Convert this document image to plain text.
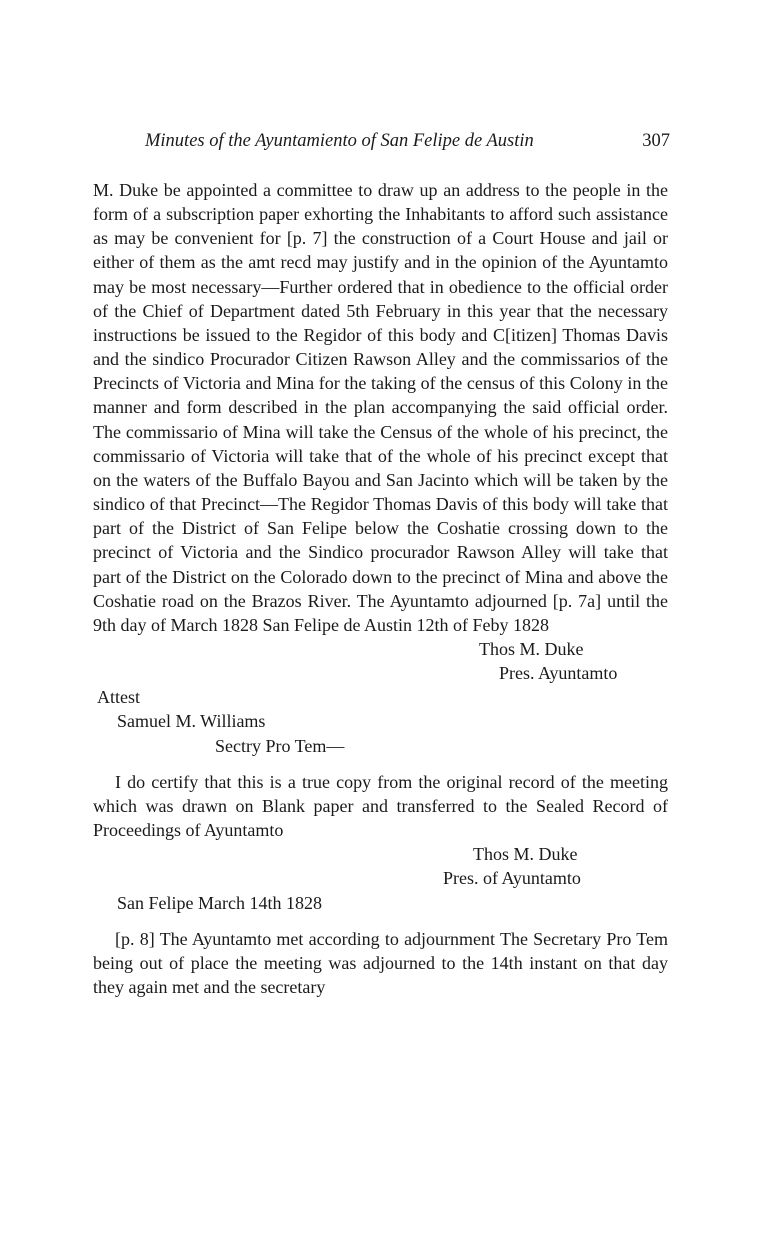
Minutes of the Ayuntamiento of San Felipe de Austin	307

M. Duke be appointed a committee to draw up an address to the people in the form of a subscription paper exhorting the Inhabitants to afford such assistance as may be convenient for [p. 7] the construction of a Court House and jail or either of them as the amt recd may justify and in the opinion of the Ayuntamto may be most necessary—Further ordered that in obedience to the official order of the Chief of Department dated 5th February in this year that the necessary instructions be issued to the Regidor of this body and C[itizen] Thomas Davis and the sindico Procurador Citizen Rawson Alley and the commissarios of the Precincts of Victoria and Mina for the taking of the census of this Colony in the manner and form described in the plan accompanying the said official order. The commissario of Mina will take the Census of the whole of his precinct, the commissario of Victoria will take that of the whole of his precinct except that on the waters of the Buffalo Bayou and San Jacinto which will be taken by the sindico of that Precinct—The Regidor Thomas Davis of this body will take that part of the District of San Felipe below the Coshatie crossing down to the precinct of Victoria and the Sindico procurador Rawson Alley will take that part of the District on the Colorado down to the precinct of Mina and above the Coshatie road on the Brazos River. The Ayuntamto adjourned [p. 7a] until the 9th day of March 1828 San Felipe de Austin 12th of Feby 1828

Thos M. Duke

Pres. Ayuntamto

Attest

Samuel M. Williams

Sectry Pro Tem—

I do certify that this is a true copy from the original record of the meeting which was drawn on Blank paper and transferred to the Sealed Record of Proceedings of Ayuntamto

Thos M. Duke

Pres. of Ayuntamto

San Felipe March 14th 1828

[p. 8] The Ayuntamto met according to adjournment The Secretary Pro Tem being out of place the meeting was adjourned to the 14th instant on that day they again met and the secretary
